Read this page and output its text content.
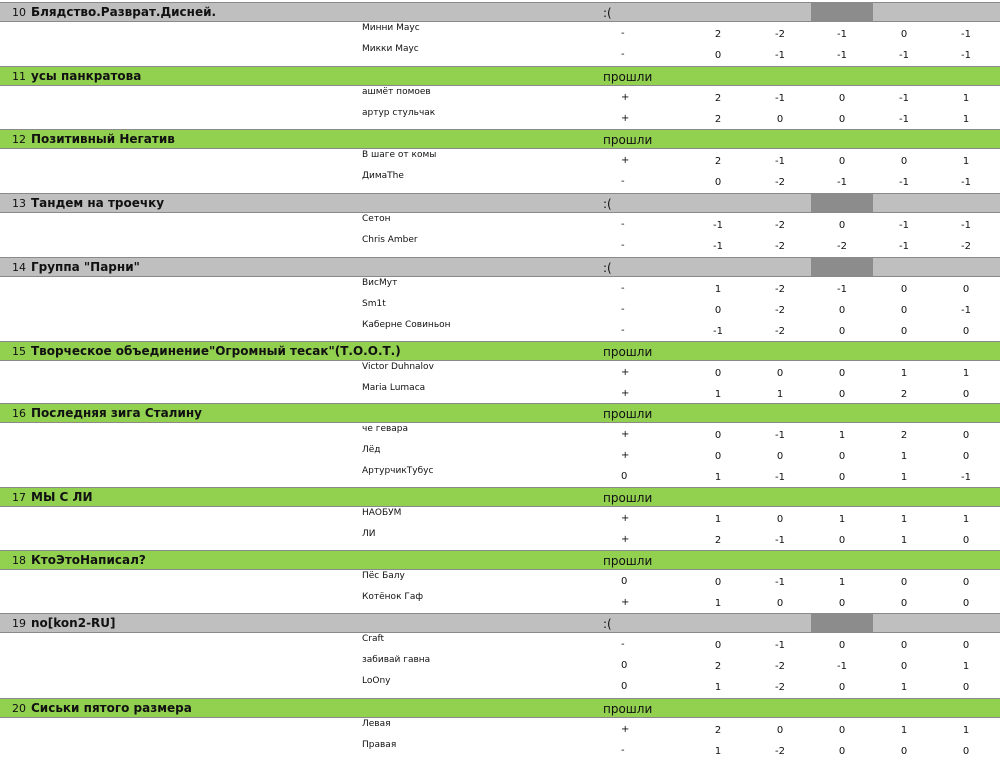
10 Блядство.Разврат.Дисней.	:(
Минни Маус	-	2	-2	-1	0	-1
Микки Маус	-	0	-1	-1	-1	-1
11 усы панкратова	прошли
ашмёт помоев	+	2	-1	0	-1	1
артур стульчак	+	2	0	0	-1	1
12 Позитивный Негатив	прошли
В шаге от комы	+	2	-1	0	0	1
ДимаThe	-	0	-2	-1	-1	-1
13 Тандем на троечку	:(
Сетон	-	-1	-2	0	-1	-1
Chris Amber	-	-1	-2	-2	-1	-2
14 Группа "Парни"	:(
ВисМут	-	1	-2	-1	0	0
Sm1t	-	0	-2	0	0	-1
Каберне Совиньон	-	-1	-2	0	0	0
15 Творческое объединение"Огромный тесак"(Т.О.О.Т.)	прошли
Victor Duhnalov	+	0	0	0	1	1
Maria Lumaca	+	1	1	0	2	0
16 Последняя зига Сталину	прошли
че гевара	+	0	-1	1	2	0
Лёд	+	0	0	0	1	0
АртурчикТубус	0	1	-1	0	1	-1
17 МЫ С ЛИ	прошли
НАОБУМ	+	1	0	1	1	1
ЛИ	+	2	-1	0	1	0
18 КтоЭтоНаписал?	прошли
Пёс Балу	0	0	-1	1	0	0
Котёнок Гаф	+	1	0	0	0	0
19 no[kon2-RU]	:(
Craft	-	0	-1	0	0	0
забивай гавна	0	2	-2	-1	0	1
LoOny	0	1	-2	0	1	0
20 Сиськи пятого размера	прошли
Левая	+	2	0	0	1	1
Правая	-	1	-2	0	0	0
